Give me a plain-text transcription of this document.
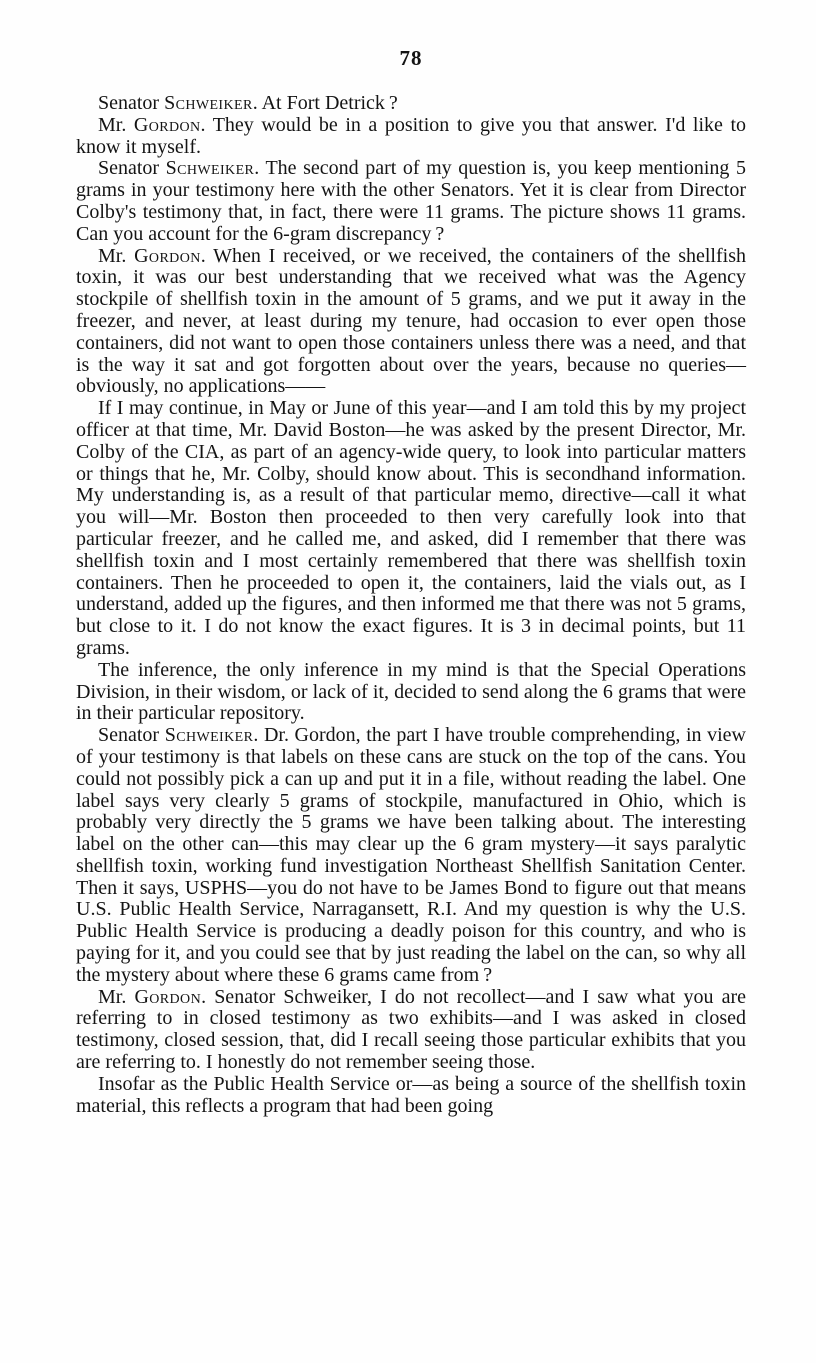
78

Senator Schweiker. At Fort Detrick ?

Mr. Gordon. They would be in a position to give you that answer. I'd like to know it myself.

Senator Schweiker. The second part of my question is, you keep mentioning 5 grams in your testimony here with the other Senators. Yet it is clear from Director Colby's testimony that, in fact, there were 11 grams. The picture shows 11 grams. Can you account for the 6-gram discrepancy ?

Mr. Gordon. When I received, or we received, the containers of the shellfish toxin, it was our best understanding that we received what was the Agency stockpile of shellfish toxin in the amount of 5 grams, and we put it away in the freezer, and never, at least during my tenure, had occasion to ever open those containers, did not want to open those containers unless there was a need, and that is the way it sat and got forgotten about over the years, because no queries—obviously, no applications——

If I may continue, in May or June of this year—and I am told this by my project officer at that time, Mr. David Boston—he was asked by the present Director, Mr. Colby of the CIA, as part of an agency-wide query, to look into particular matters or things that he, Mr. Colby, should know about. This is secondhand information. My understanding is, as a result of that particular memo, directive—call it what you will—Mr. Boston then proceeded to then very carefully look into that particular freezer, and he called me, and asked, did I remember that there was shellfish toxin and I most certainly remembered that there was shellfish toxin containers. Then he proceeded to open it, the containers, laid the vials out, as I understand, added up the figures, and then informed me that there was not 5 grams, but close to it. I do not know the exact figures. It is 3 in decimal points, but 11 grams.

The inference, the only inference in my mind is that the Special Operations Division, in their wisdom, or lack of it, decided to send along the 6 grams that were in their particular repository.

Senator Schweiker. Dr. Gordon, the part I have trouble comprehending, in view of your testimony is that labels on these cans are stuck on the top of the cans. You could not possibly pick a can up and put it in a file, without reading the label. One label says very clearly 5 grams of stockpile, manufactured in Ohio, which is probably very directly the 5 grams we have been talking about. The interesting label on the other can—this may clear up the 6 gram mystery—it says paralytic shellfish toxin, working fund investigation Northeast Shellfish Sanitation Center. Then it says, USPHS—you do not have to be James Bond to figure out that means U.S. Public Health Service, Narragansett, R.I. And my question is why the U.S. Public Health Service is producing a deadly poison for this country, and who is paying for it, and you could see that by just reading the label on the can, so why all the mystery about where these 6 grams came from ?

Mr. Gordon. Senator Schweiker, I do not recollect—and I saw what you are referring to in closed testimony as two exhibits—and I was asked in closed testimony, closed session, that, did I recall seeing those particular exhibits that you are referring to. I honestly do not remember seeing those.

Insofar as the Public Health Service or—as being a source of the shellfish toxin material, this reflects a program that had been going
